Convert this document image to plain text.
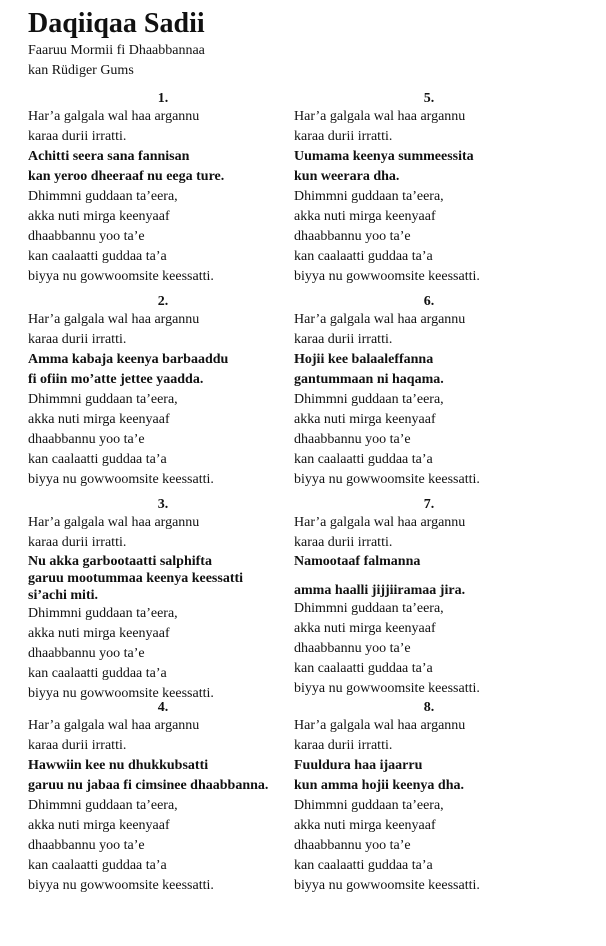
Daqiiqaa Sadii
Faaruu Mormii fi Dhaabbannaa
kan Rüdiger Gums
1.
Har’a galgala wal haa argannu
karaa durii irratti.
Achitti seera sana fannisan
kan yeroo dheeraaf nu eega ture.
Dhimmni guddaan ta’eera,
akka nuti mirga keenyaaf
dhaabbannu yoo ta’e
kan caalaatti guddaa ta’a
biyya nu gowwoomsite keessatti.
2.
Har’a galgala wal haa argannu
karaa durii irratti.
Amma kabaja keenya barbaaddu
fi ofiin mo’atte jettee yaadda.
Dhimmni guddaan ta’eera,
akka nuti mirga keenyaaf
dhaabbannu yoo ta’e
kan caalaatti guddaa ta’a
biyya nu gowwoomsite keessatti.
3.
Har’a galgala wal haa argannu
karaa durii irratti.
Nu akka garbootaatti salphifta
garuu mootummaa keenya keessatti
si’achi miti.
Dhimmni guddaan ta’eera,
akka nuti mirga keenyaaf
dhaabbannu yoo ta’e
kan caalaatti guddaa ta’a
biyya nu gowwoomsite keessatti.
4.
Har’a galgala wal haa argannu
karaa durii irratti.
Hawwiin kee nu dhukkubsatti
garuu nu jabaa fi cimsinee dhaabbanna.
Dhimmni guddaan ta’eera,
akka nuti mirga keenyaaf
dhaabbannu yoo ta’e
kan caalaatti guddaa ta’a
biyya nu gowwoomsite keessatti.
5.
Har’a galgala wal haa argannu
karaa durii irratti.
Uumama keenya summeessita
kun weerara dha.
Dhimmni guddaan ta’eera,
akka nuti mirga keenyaaf
dhaabbannu yoo ta’e
kan caalaatti guddaa ta’a
biyya nu gowwoomsite keessatti.
6.
Har’a galgala wal haa argannu
karaa durii irratti.
Hojii kee balaaleffanna
gantummaan ni haqama.
Dhimmni guddaan ta’eera,
akka nuti mirga keenyaaf
dhaabbannu yoo ta’e
kan caalaatti guddaa ta’a
biyya nu gowwoomsite keessatti.
7.
Har’a galgala wal haa argannu
karaa durii irratti.
Namootaaf falmanna
amma haalli jijjiiramaa jira.
Dhimmni guddaan ta’eera,
akka nuti mirga keenyaaf
dhaabbannu yoo ta’e
kan caalaatti guddaa ta’a
biyya nu gowwoomsite keessatti.
8.
Har’a galgala wal haa argannu
karaa durii irratti.
Fuuldura haa ijaarru
kun amma hojii keenya dha.
Dhimmni guddaan ta’eera,
akka nuti mirga keenyaaf
dhaabbannu yoo ta’e
kan caalaatti guddaa ta’a
biyya nu gowwoomsite keessatti.
